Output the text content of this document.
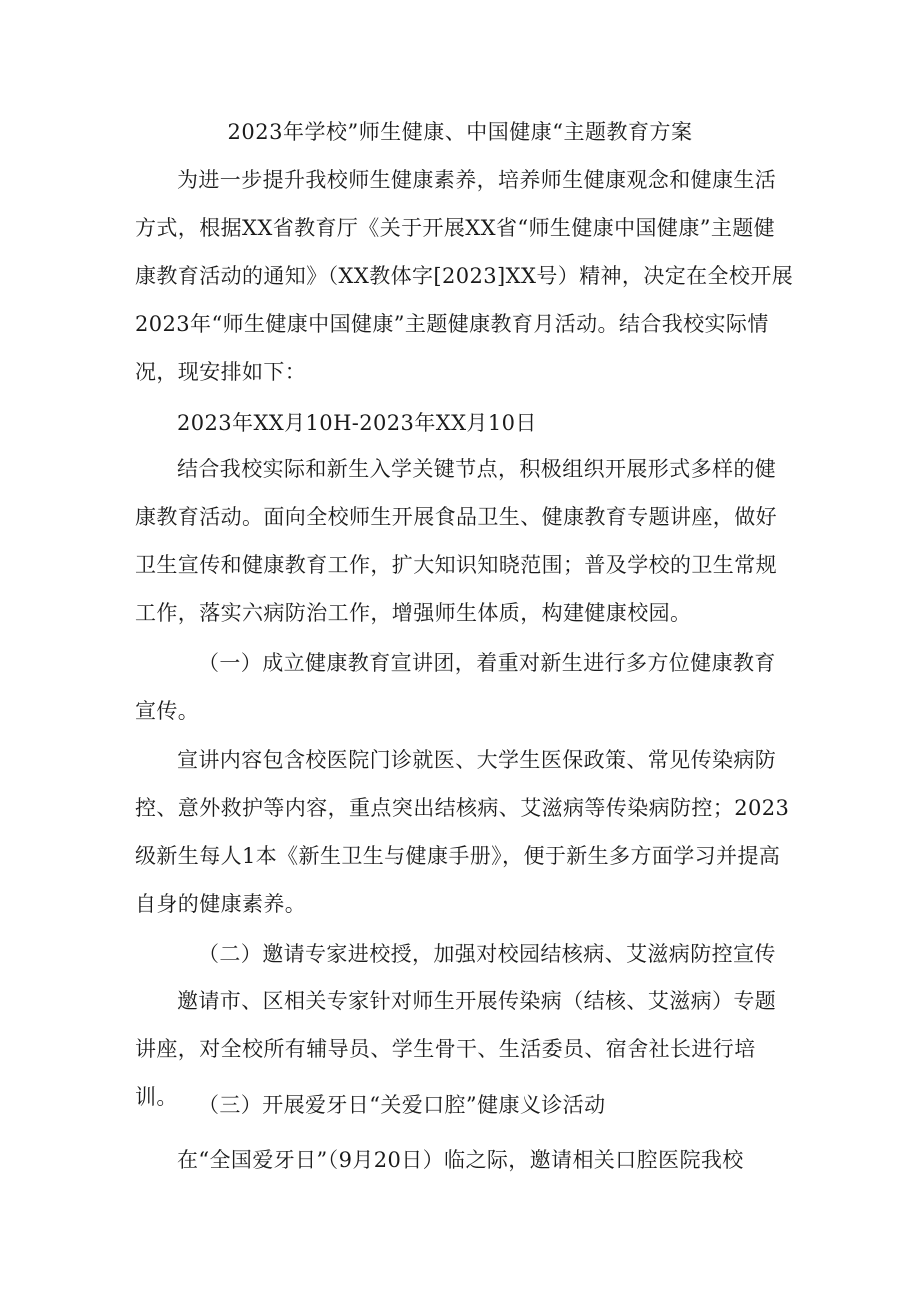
2023年学校”师生健康、中国健康“主题教育方案

为进一步提升我校师生健康素养，培养师生健康观念和健康生活方式，根据XX省教育厅《关于开展XX省“师生健康中国健康”主题健康教育活动的通知》（XX教体字[2023]XX号）精神，决定在全校开展2023年“师生健康中国健康”主题健康教育月活动。结合我校实际情况，现安排如下：

2023年XX月10H-2023年XX月10日

结合我校实际和新生入学关键节点，积极组织开展形式多样的健康教育活动。面向全校师生开展食品卫生、健康教育专题讲座，做好卫生宣传和健康教育工作，扩大知识知晓范围；普及学校的卫生常规工作，落实六病防治工作，增强师生体质，构建健康校园。

（一）成立健康教育宣讲团，着重对新生进行多方位健康教育宣传。

宣讲内容包含校医院门诊就医、大学生医保政策、常见传染病防控、意外救护等内容，重点突出结核病、艾滋病等传染病防控；2023级新生每人1本《新生卫生与健康手册》，便于新生多方面学习并提高自身的健康素养。

（二）邀请专家进校授，加强对校园结核病、艾滋病防控宣传

邀请市、区相关专家针对师生开展传染病（结核、艾滋病）专题讲座，对全校所有辅导员、学生骨干、生活委员、宿舍社长进行培训。 （三）开展爱牙日“关爱口腔”健康义诊活动

在“全国爱牙日”（9月20日）临之际，邀请相关口腔医院我校
